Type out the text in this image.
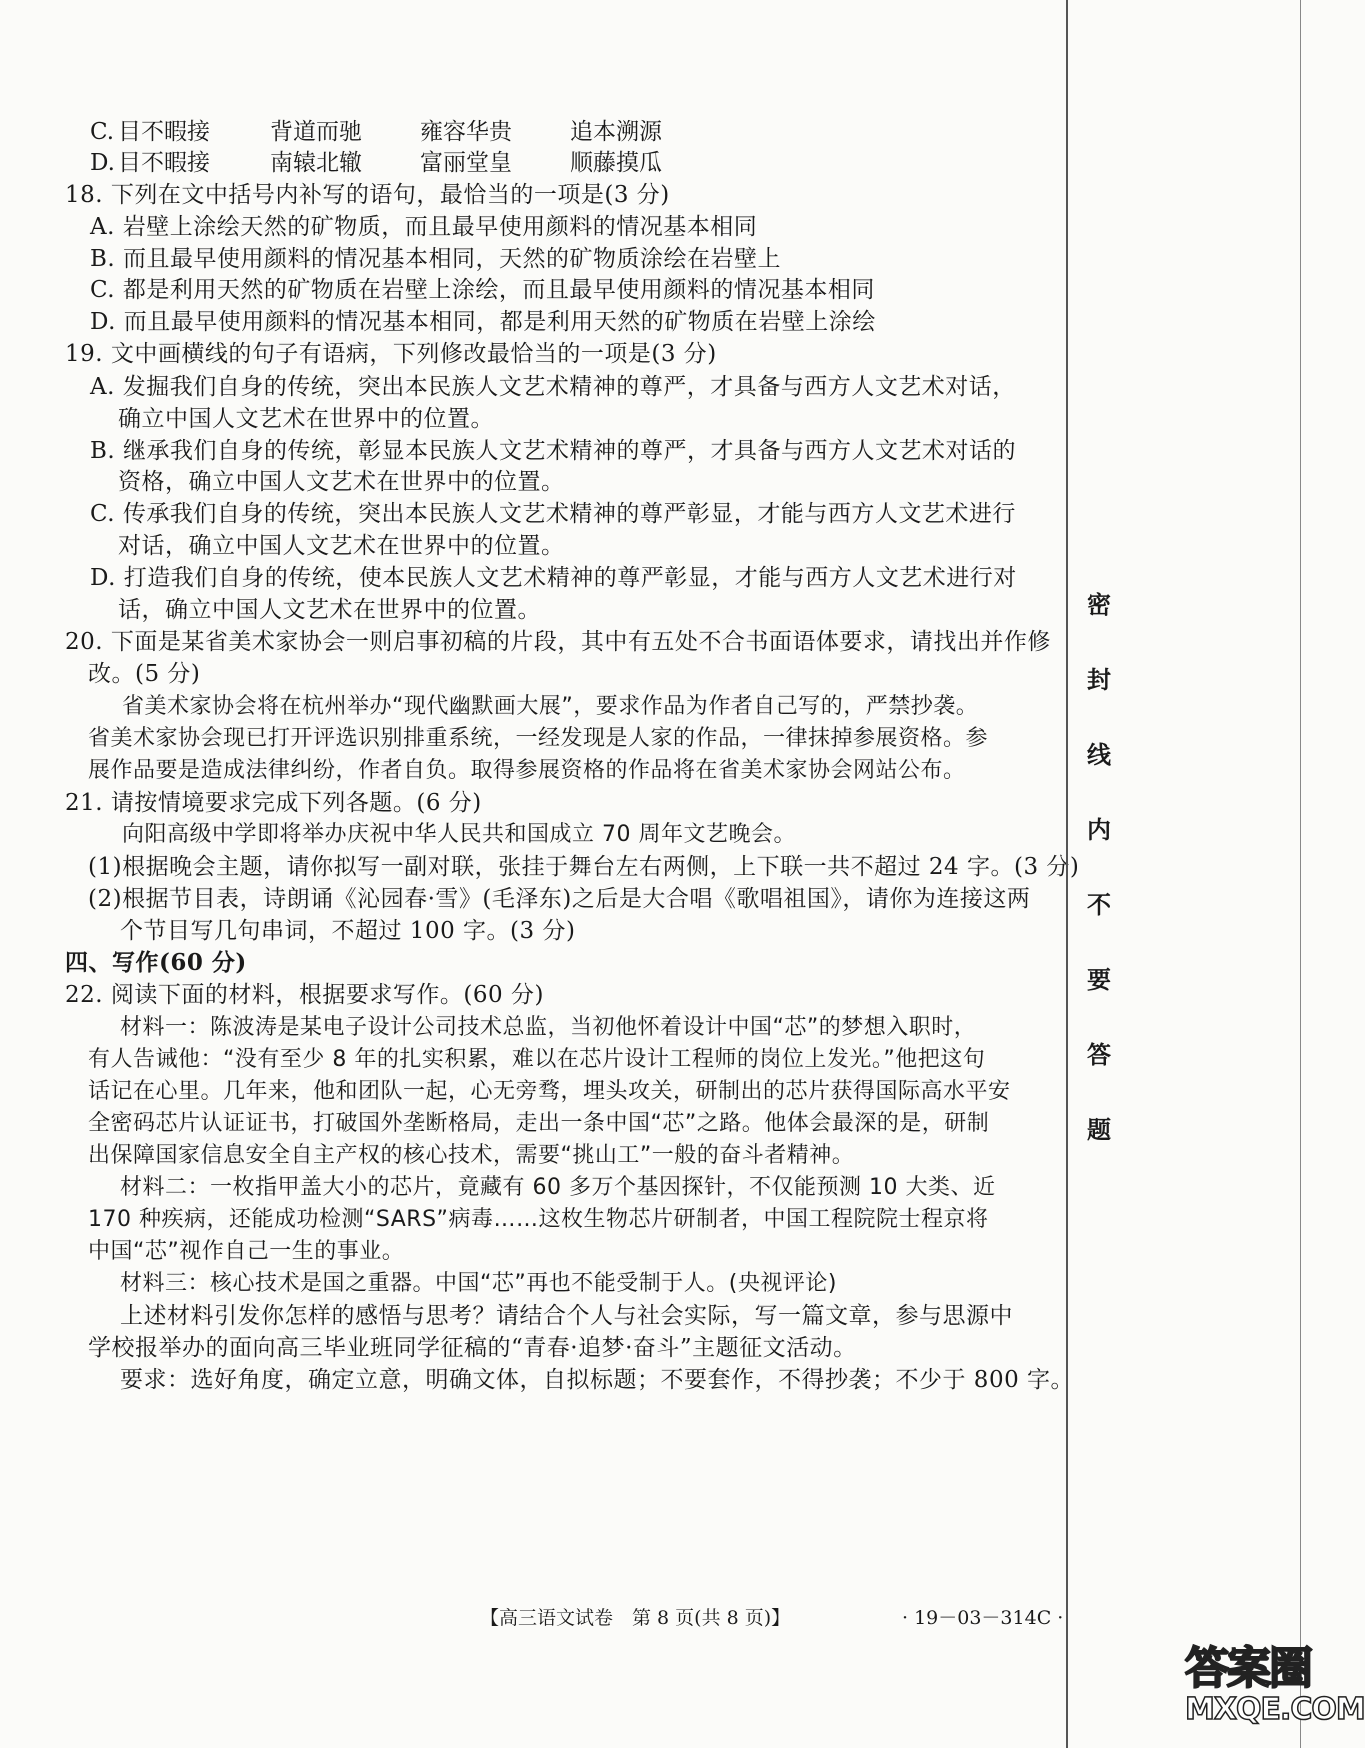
C. 目不暇接	背道而驰	雍容华贵	追本溯源
D. 目不暇接	南辕北辙	富丽堂皇	顺藤摸瓜
18. 下列在文中括号内补写的语句，最恰当的一项是(3 分)
A. 岩壁上涂绘天然的矿物质，而且最早使用颜料的情况基本相同
B. 而且最早使用颜料的情况基本相同，天然的矿物质涂绘在岩壁上
C. 都是利用天然的矿物质在岩壁上涂绘，而且最早使用颜料的情况基本相同
D. 而且最早使用颜料的情况基本相同，都是利用天然的矿物质在岩壁上涂绘
19. 文中画横线的句子有语病，下列修改最恰当的一项是(3 分)
A. 发掘我们自身的传统，突出本民族人文艺术精神的尊严，才具备与西方人文艺术对话，
确立中国人文艺术在世界中的位置。
B. 继承我们自身的传统，彰显本民族人文艺术精神的尊严，才具备与西方人文艺术对话的
资格，确立中国人文艺术在世界中的位置。
C. 传承我们自身的传统，突出本民族人文艺术精神的尊严彰显，才能与西方人文艺术进行
对话，确立中国人文艺术在世界中的位置。
D. 打造我们自身的传统，使本民族人文艺术精神的尊严彰显，才能与西方人文艺术进行对
话，确立中国人文艺术在世界中的位置。
20. 下面是某省美术家协会一则启事初稿的片段，其中有五处不合书面语体要求，请找出并作修
改。(5 分)
省美术家协会将在杭州举办“现代幽默画大展”，要求作品为作者自己写的，严禁抄袭。
省美术家协会现已打开评选识别排重系统，一经发现是人家的作品，一律抹掉参展资格。参
展作品要是造成法律纠纷，作者自负。取得参展资格的作品将在省美术家协会网站公布。
21. 请按情境要求完成下列各题。(6 分)
向阳高级中学即将举办庆祝中华人民共和国成立 70 周年文艺晚会。
(1)根据晚会主题，请你拟写一副对联，张挂于舞台左右两侧，上下联一共不超过 24 字。(3 分)
(2)根据节目表，诗朗诵《沁园春·雪》(毛泽东)之后是大合唱《歌唱祖国》，请你为连接这两
个节目写几句串词，不超过 100 字。(3 分)
四、写作(60 分)
22. 阅读下面的材料，根据要求写作。(60 分)
材料一：陈波涛是某电子设计公司技术总监，当初他怀着设计中国“芯”的梦想入职时，
有人告诫他：“没有至少 8 年的扎实积累，难以在芯片设计工程师的岗位上发光。”他把这句
话记在心里。几年来，他和团队一起，心无旁骛，埋头攻关，研制出的芯片获得国际高水平安
全密码芯片认证证书，打破国外垄断格局，走出一条中国“芯”之路。他体会最深的是，研制
出保障国家信息安全自主产权的核心技术，需要“挑山工”一般的奋斗者精神。
材料二：一枚指甲盖大小的芯片，竟藏有 60 多万个基因探针，不仅能预测 10 大类、近
170 种疾病，还能成功检测“SARS”病毒……这枚生物芯片研制者，中国工程院院士程京将
中国“芯”视作自己一生的事业。
材料三：核心技术是国之重器。中国“芯”再也不能受制于人。(央视评论)
上述材料引发你怎样的感悟与思考？请结合个人与社会实际，写一篇文章，参与思源中
学校报举办的面向高三毕业班同学征稿的“青春·追梦·奋斗”主题征文活动。
要求：选好角度，确定立意，明确文体，自拟标题；不要套作，不得抄袭；不少于 800 字。
【高三语文试卷　第 8 页(共 8 页)】	· 19－03－314C ·
密
封
线
内
不
要
答
题
答案圈
MXQE.COM
